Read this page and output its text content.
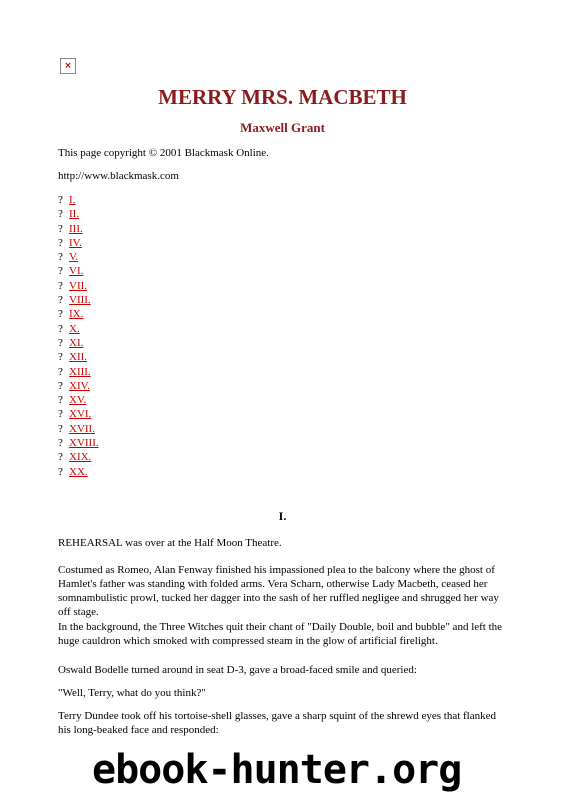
×
MERRY MRS. MACBETH
Maxwell Grant
This page copyright © 2001 Blackmask Online.
http://www.blackmask.com
? I.
? II.
? III.
? IV.
? V.
? VI.
? VII.
? VIII.
? IX.
? X.
? XI.
? XII.
? XIII.
? XIV.
? XV.
? XVI.
? XVII.
? XVIII.
? XIX.
? XX.
I.
REHEARSAL was over at the Half Moon Theatre.
Costumed as Romeo, Alan Fenway finished his impassioned plea to the balcony where the ghost of Hamlet's father was standing with folded arms. Vera Scharn, otherwise Lady Macbeth, ceased her somnambulistic prowl, tucked her dagger into the sash of her ruffled negligee and shrugged her way off stage.
In the background, the Three Witches quit their chant of "Daily Double, boil and bubble" and left the huge cauldron which smoked with compressed steam in the glow of artificial firelight.
Oswald Bodelle turned around in seat D-3, gave a broad-faced smile and queried:
"Well, Terry, what do you think?"
Terry Dundee took off his tortoise-shell glasses, gave a sharp squint of the shrewd eyes that flanked his long-beaked face and responded:
ebook-hunter.org
